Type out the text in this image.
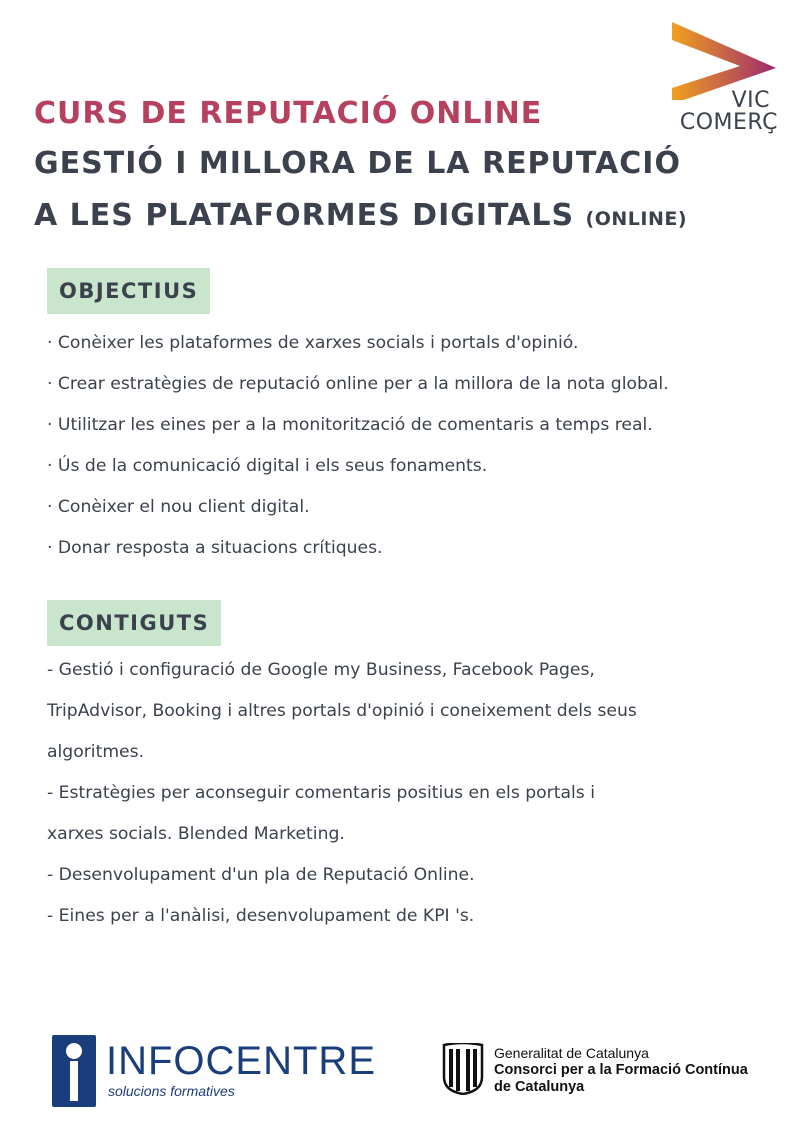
CURS DE REPUTACIÓ ONLINE
GESTIÓ I MILLORA DE LA REPUTACIÓ
A LES PLATAFORMES DIGITALS (ONLINE)
VIC
COMERÇ
OBJECTIUS
· Conèixer les plataformes de xarxes socials i portals d'opinió.
· Crear estratègies de reputació online per a la millora de la nota global.
· Utilitzar les eines per a la monitorització de comentaris a temps real.
· Ús de la comunicació digital i els seus fonaments.
· Conèixer el nou client digital.
· Donar resposta a situacions crítiques.
CONTIGUTS
- Gestió i configuració de Google my Business, Facebook Pages,
TripAdvisor, Booking i altres portals d'opinió i coneixement dels seus
algoritmes.
- Estratègies per aconseguir comentaris positius en els portals i
xarxes socials. Blended Marketing.
- Desenvolupament d'un pla de Reputació Online.
- Eines per a l'anàlisi, desenvolupament de KPI 's.
INFOCENTRE
solucions formatives
Generalitat de Catalunya
Consorci per a la Formació Contínua
de Catalunya
